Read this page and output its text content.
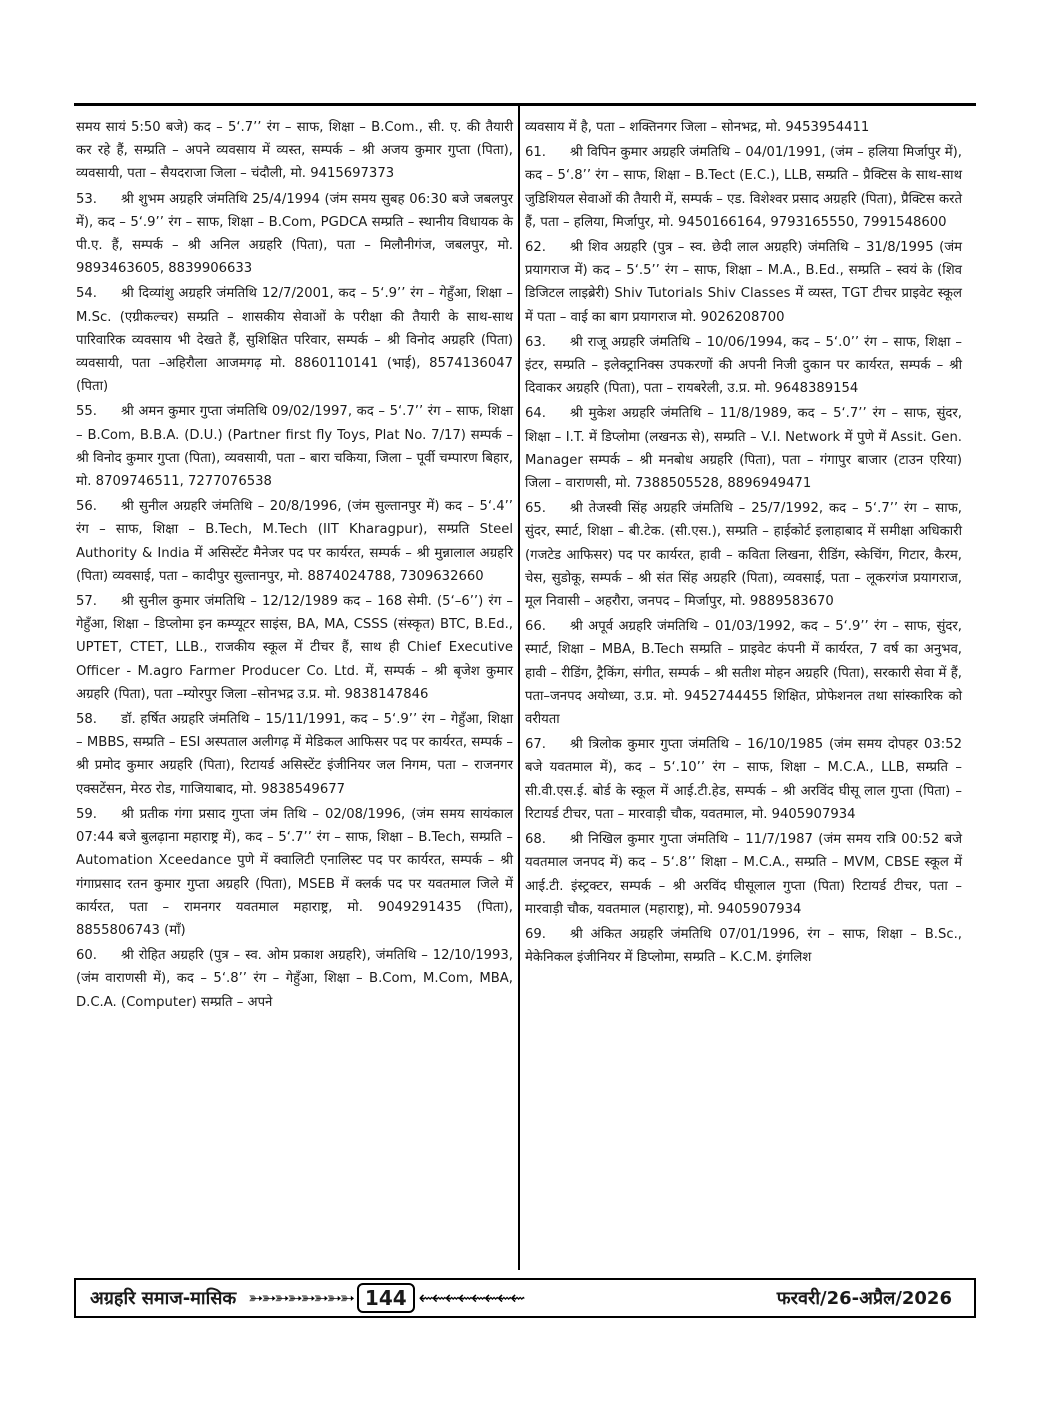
समय सायं 5:50 बजे) कद – 5‘.7’’ रंग – साफ, शिक्षा – B.Com., सी. ए. की तैयारी कर रहे हैं, सम्प्रति – अपने व्यवसाय में व्यस्त, सम्पर्क – श्री अजय कुमार गुप्ता (पिता), व्यवसायी, पता – सैयदराजा जिला – चंदौली, मो. 9415697373

53. श्री शुभम अग्रहरि जंमतिथि 25/4/1994 (जंम समय सुबह 06:30 बजे जबलपुर में), कद – 5‘.9’’ रंग – साफ, शिक्षा – B.Com, PGDCA सम्प्रति – स्थानीय विधायक के पी.ए. हैं, सम्पर्क – श्री अनिल अग्रहरि (पिता), पता – मिलौनीगंज, जबलपुर, मो. 9893463605, 8839906633

54. श्री दिव्यांशु अग्रहरि जंमतिथि 12/7/2001, कद – 5‘.9’’ रंग – गेहुँआ, शिक्षा – M.Sc. (एग्रीकल्चर) सम्प्रति – शासकीय सेवाओं के परीक्षा की तैयारी के साथ-साथ पारिवारिक व्यवसाय भी देखते हैं, सुशिक्षित परिवार, सम्पर्क – श्री विनोद अग्रहरि (पिता) व्यवसायी, पता –अहिरौला आजमगढ़ मो. 8860110141 (भाई), 8574136047 (पिता)

55. श्री अमन कुमार गुप्ता जंमतिथि 09/02/1997, कद – 5‘.7’’ रंग – साफ, शिक्षा – B.Com, B.B.A. (D.U.) (Partner first fly Toys, Plat No. 7/17) सम्पर्क – श्री विनोद कुमार गुप्ता (पिता), व्यवसायी, पता – बारा चकिया, जिला – पूर्वी चम्पारण बिहार, मो. 8709746511, 7277076538

56. श्री सुनील अग्रहरि जंमतिथि – 20/8/1996, (जंम सुल्तानपुर में) कद – 5‘.4’’ रंग – साफ, शिक्षा – B.Tech, M.Tech (IIT Kharagpur), सम्प्रति Steel Authority & India में असिस्टेंट मैनेजर पद पर कार्यरत, सम्पर्क – श्री मुन्नालाल अग्रहरि (पिता) व्यवसाई, पता – कादीपुर सुल्तानपुर, मो. 8874024788, 7309632660

57. श्री सुनील कुमार जंमतिथि – 12/12/1989 कद – 168 सेमी. (5‘–6’’) रंग – गेहुँआ, शिक्षा – डिप्लोमा इन कम्प्यूटर साइंस, BA, MA, CSSS (संस्कृत) BTC, B.Ed., UPTET, CTET, LLB., राजकीय स्कूल में टीचर हैं, साथ ही Chief Executive Officer - M.agro Farmer Producer Co. Ltd. में, सम्पर्क – श्री बृजेश कुमार अग्रहरि (पिता), पता –म्योरपुर जिला –सोनभद्र उ.प्र. मो. 9838147846

58. डॉ. हर्षित अग्रहरि जंमतिथि – 15/11/1991, कद – 5‘.9’’ रंग – गेहुँआ, शिक्षा – MBBS, सम्प्रति – ESI अस्पताल अलीगढ़ में मेडिकल आफिसर पद पर कार्यरत, सम्पर्क – श्री प्रमोद कुमार अग्रहरि (पिता), रिटायर्ड असिस्टेंट इंजीनियर जल निगम, पता – राजनगर एक्सटेंसन, मेरठ रोड, गाजियाबाद, मो. 9838549677

59. श्री प्रतीक गंगा प्रसाद गुप्ता जंम तिथि – 02/08/1996, (जंम समय सायंकाल 07:44 बजे बुलढ़ाना महाराष्ट्र में), कद – 5‘.7’’ रंग – साफ, शिक्षा – B.Tech, सम्प्रति – Automation Xceedance पुणे में क्वालिटी एनालिस्ट पद पर कार्यरत, सम्पर्क – श्री गंगाप्रसाद रतन कुमार गुप्ता अग्रहरि (पिता), MSEB में क्लर्क पद पर यवतमाल जिले में कार्यरत, पता – रामनगर यवतमाल महाराष्ट्र, मो. 9049291435 (पिता), 8855806743 (माँ)

60. श्री रोहित अग्रहरि (पुत्र – स्व. ओम प्रकाश अग्रहरि), जंमतिथि – 12/10/1993, (जंम वाराणसी में), कद – 5‘.8’’ रंग – गेहुँआ, शिक्षा – B.Com, M.Com, MBA, D.C.A. (Computer) सम्प्रति – अपने

व्यवसाय में है, पता – शक्तिनगर जिला – सोनभद्र, मो. 9453954411

61. श्री विपिन कुमार अग्रहरि जंमतिथि – 04/01/1991, (जंम – हलिया मिर्जापुर में), कद – 5‘.8’’ रंग – साफ, शिक्षा – B.Tect (E.C.), LLB, सम्प्रति – प्रैक्टिस के साथ-साथ जुडिशियल सेवाओं की तैयारी में, सम्पर्क – एड. विशेश्वर प्रसाद अग्रहरि (पिता), प्रैक्टिस करते हैं, पता – हलिया, मिर्जापुर, मो. 9450166164, 9793165550, 7991548600

62. श्री शिव अग्रहरि (पुत्र – स्व. छेदी लाल अग्रहरि) जंमतिथि – 31/8/1995 (जंम प्रयागराज में) कद – 5‘.5’’ रंग – साफ, शिक्षा – M.A., B.Ed., सम्प्रति – स्वयं के (शिव डिजिटल लाइब्रेरी) Shiv Tutorials Shiv Classes में व्यस्त, TGT टीचर प्राइवेट स्कूल में पता – वाई का बाग प्रयागराज मो. 9026208700

63. श्री राजू अग्रहरि जंमतिथि – 10/06/1994, कद – 5‘.0’’ रंग – साफ, शिक्षा – इंटर, सम्प्रति – इलेक्ट्रानिक्स उपकरणों की अपनी निजी दुकान पर कार्यरत, सम्पर्क – श्री दिवाकर अग्रहरि (पिता), पता – रायबरेली, उ.प्र. मो. 9648389154

64. श्री मुकेश अग्रहरि जंमतिथि – 11/8/1989, कद – 5‘.7’’ रंग – साफ, सुंदर, शिक्षा – I.T. में डिप्लोमा (लखनऊ से), सम्प्रति – V.I. Network में पुणे में Assit. Gen. Manager सम्पर्क – श्री मनबोध अग्रहरि (पिता), पता – गंगापुर बाजार (टाउन एरिया) जिला – वाराणसी, मो. 7388505528, 8896949471

65. श्री तेजस्वी सिंह अग्रहरि जंमतिथि – 25/7/1992, कद – 5‘.7’’ रंग – साफ, सुंदर, स्मार्ट, शिक्षा – बी.टेक. (सी.एस.), सम्प्रति – हाईकोर्ट इलाहाबाद में समीक्षा अधिकारी (गजटेड आफिसर) पद पर कार्यरत, हावी – कविता लिखना, रीडिंग, स्केचिंग, गिटार, कैरम, चेस, सुडोकू, सम्पर्क – श्री संत सिंह अग्रहरि (पिता), व्यवसाई, पता – लूकरगंज प्रयागराज, मूल निवासी – अहरौरा, जनपद – मिर्जापुर, मो. 9889583670

66. श्री अपूर्व अग्रहरि जंमतिथि – 01/03/1992, कद – 5‘.9’’ रंग – साफ, सुंदर, स्मार्ट, शिक्षा – MBA, B.Tech सम्प्रति – प्राइवेट कंपनी में कार्यरत, 7 वर्ष का अनुभव, हावी – रीडिंग, ट्रैकिंग, संगीत, सम्पर्क – श्री सतीश मोहन अग्रहरि (पिता), सरकारी सेवा में हैं, पता–जनपद अयोध्या, उ.प्र. मो. 9452744455 शिक्षित, प्रोफेशनल तथा सांस्कारिक को वरीयता

67. श्री त्रिलोक कुमार गुप्ता जंमतिथि – 16/10/1985 (जंम समय दोपहर 03:52 बजे यवतमाल में), कद – 5‘.10’’ रंग – साफ, शिक्षा – M.C.A., LLB, सम्प्रति – सी.वी.एस.ई. बोर्ड के स्कूल में आई.टी.हेड, सम्पर्क – श्री अरविंद घीसू लाल गुप्ता (पिता) – रिटायर्ड टीचर, पता – मारवाड़ी चौक, यवतमाल, मो. 9405907934

68. श्री निखिल कुमार गुप्ता जंमतिथि – 11/7/1987 (जंम समय रात्रि 00:52 बजे यवतमाल जनपद में) कद – 5‘.8’’ शिक्षा – M.C.A., सम्प्रति – MVM, CBSE स्कूल में आई.टी. इंस्ट्रक्टर, सम्पर्क – श्री अरविंद घीसूलाल गुप्ता (पिता) रिटायर्ड टीचर, पता – मारवाड़ी चौक, यवतमाल (महाराष्ट्र), मो. 9405907934

69. श्री अंकित अग्रहरि जंमतिथि 07/01/1996, रंग – साफ, शिक्षा – B.Sc., मेकेनिकल इंजीनियर में डिप्लोमा, सम्प्रति – K.C.M. इंगलिश

अग्रहरि समाज-मासिक ➳➳➳➳➳➳➳➳ 144 ⇜⇜⇜⇜⇜⇜⇜⇜	फरवरी/26-अप्रैल/2026
